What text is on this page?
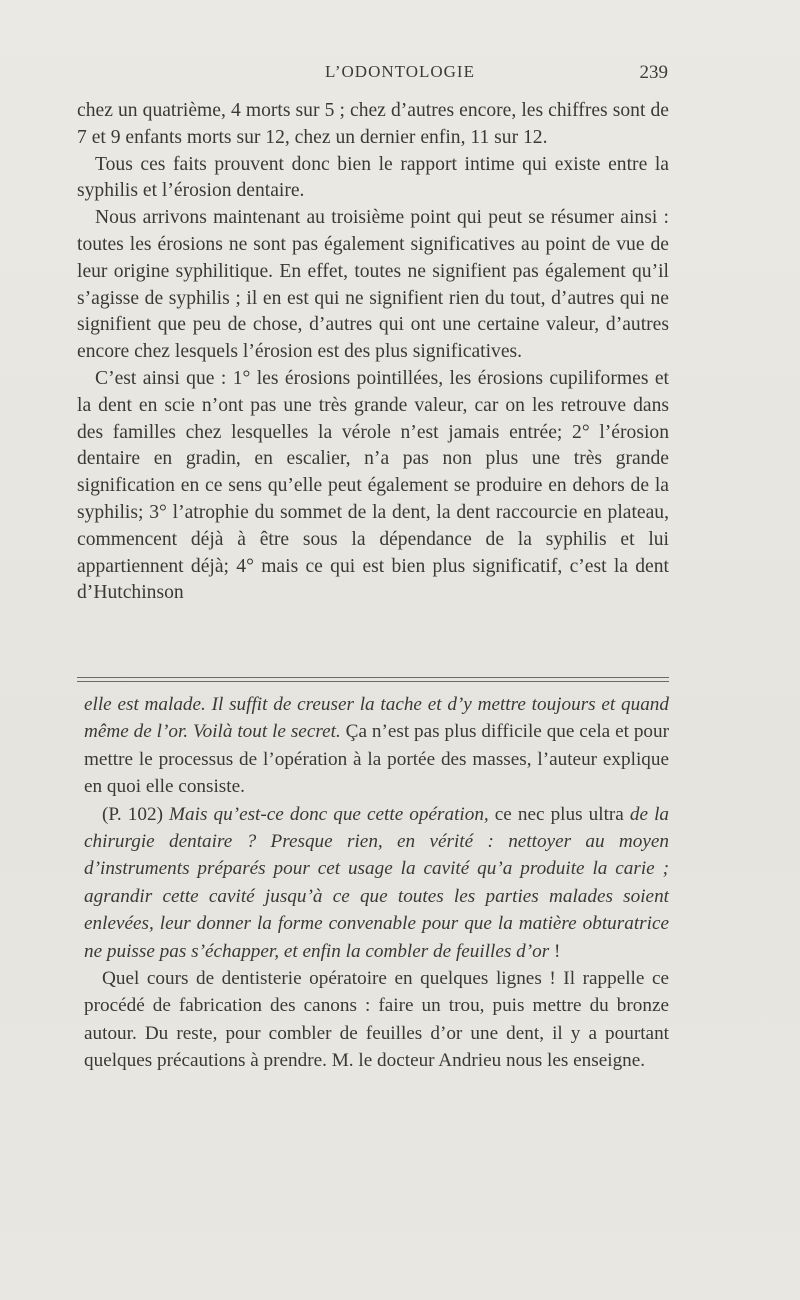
L’ODONTOLOGIE	239

chez un quatrième, 4 morts sur 5 ; chez d’autres encore, les chiffres sont de 7 et 9 enfants morts sur 12, chez un dernier enfin, 11 sur 12.

Tous ces faits prouvent donc bien le rapport intime qui existe entre la syphilis et l’érosion dentaire.

Nous arrivons maintenant au troisième point qui peut se résumer ainsi : toutes les érosions ne sont pas également significatives au point de vue de leur origine syphilitique. En effet, toutes ne signifient pas également qu’il s’agisse de syphilis ; il en est qui ne signifient rien du tout, d’autres qui ne signifient que peu de chose, d’autres qui ont une certaine valeur, d’autres encore chez lesquels l’érosion est des plus significatives.

C’est ainsi que : 1° les érosions pointillées, les érosions cupiliformes et la dent en scie n’ont pas une très grande valeur, car on les retrouve dans des familles chez lesquelles la vérole n’est jamais entrée; 2° l’érosion dentaire en gradin, en escalier, n’a pas non plus une très grande signification en ce sens qu’elle peut également se produire en dehors de la syphilis; 3° l’atrophie du sommet de la dent, la dent raccourcie en plateau, commencent déjà à être sous la dépendance de la syphilis et lui appartiennent déjà; 4° mais ce qui est bien plus significatif, c’est la dent d’Hutchinson

elle est malade. Il suffit de creuser la tache et d’y mettre toujours et quand même de l’or. Voilà tout le secret. Ça n’est pas plus difficile que cela et pour mettre le processus de l’opération à la portée des masses, l’auteur explique en quoi elle consiste.

(P. 102) Mais qu’est-ce donc que cette opération, ce nec plus ultra de la chirurgie dentaire ? Presque rien, en vérité : nettoyer au moyen d’instruments préparés pour cet usage la cavité qu’a produite la carie ; agrandir cette cavité jusqu’à ce que toutes les parties malades soient enlevées, leur donner la forme convenable pour que la matière obturatrice ne puisse pas s’échapper, et enfin la combler de feuilles d’or !

Quel cours de dentisterie opératoire en quelques lignes ! Il rappelle ce procédé de fabrication des canons : faire un trou, puis mettre du bronze autour. Du reste, pour combler de feuilles d’or une dent, il y a pourtant quelques précautions à prendre. M. le docteur Andrieu nous les enseigne.
